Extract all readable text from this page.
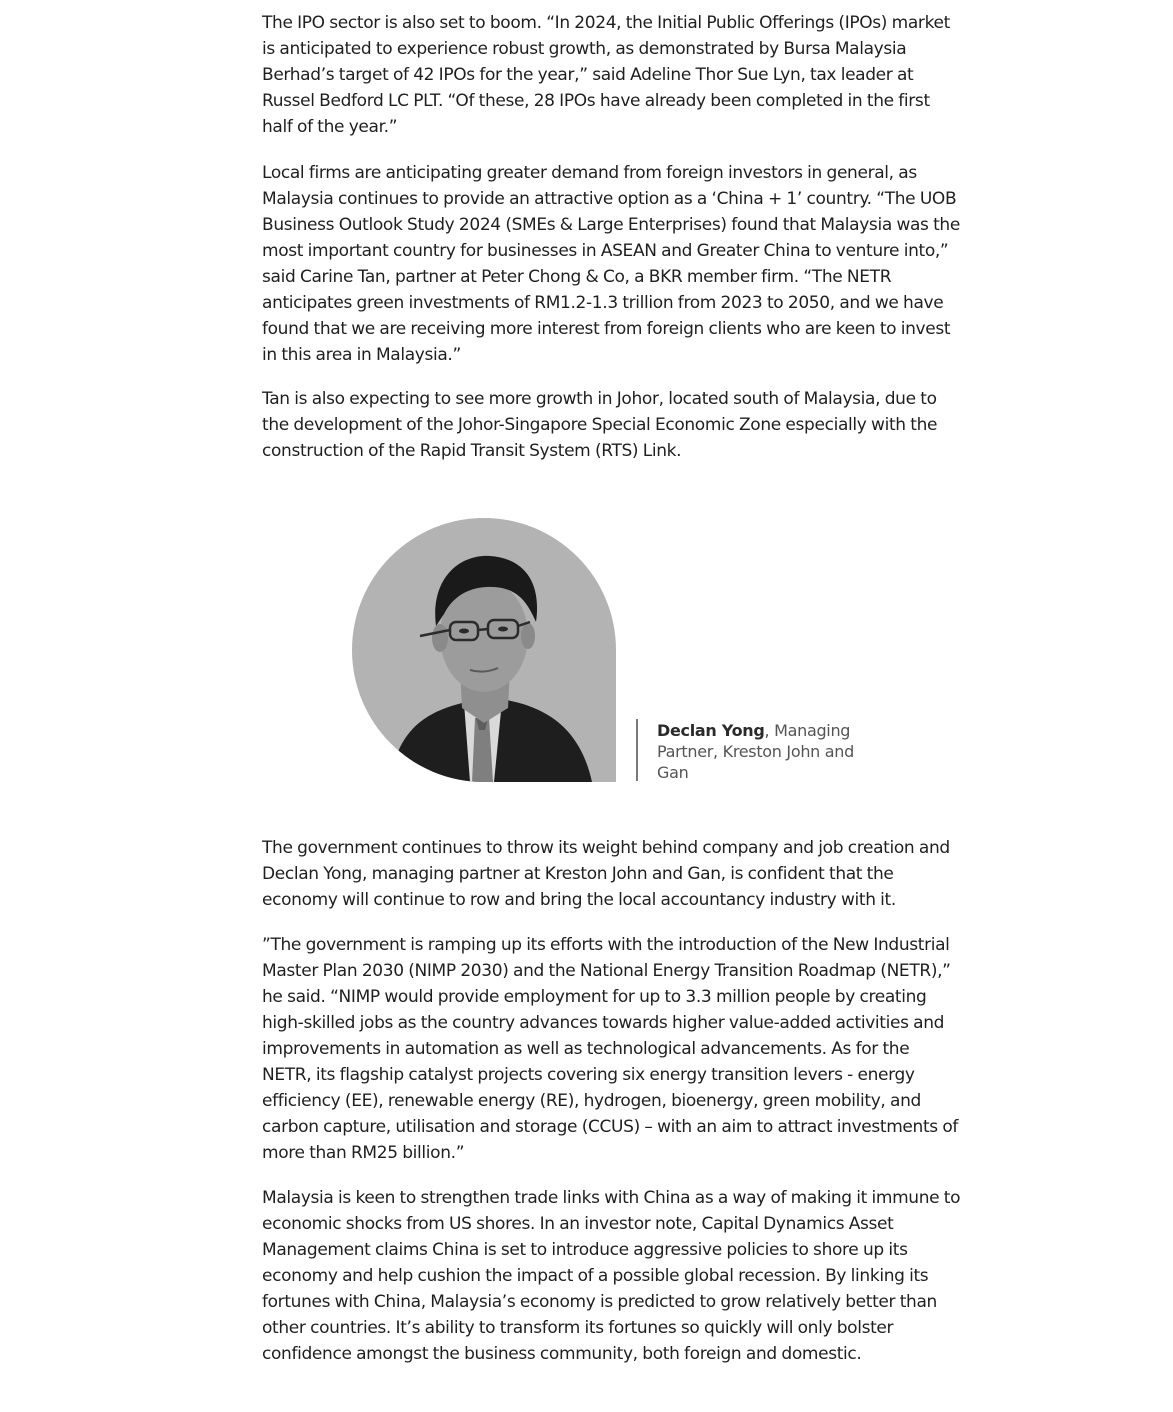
The IPO sector is also set to boom. “In 2024, the Initial Public Offerings (IPOs) market is anticipated to experience robust growth, as demonstrated by Bursa Malaysia Berhad’s target of 42 IPOs for the year,” said Adeline Thor Sue Lyn, tax leader at Russel Bedford LC PLT. “Of these, 28 IPOs have already been completed in the first half of the year.”

Local firms are anticipating greater demand from foreign investors in general, as Malaysia continues to provide an attractive option as a ‘China + 1’ country. “The UOB Business Outlook Study 2024 (SMEs & Large Enterprises) found that Malaysia was the most important country for businesses in ASEAN and Greater China to venture into,” said Carine Tan, partner at Peter Chong & Co, a BKR member firm. “The NETR anticipates green investments of RM1.2-1.3 trillion from 2023 to 2050, and we have found that we are receiving more interest from foreign clients who are keen to invest in this area in Malaysia.”

Tan is also expecting to see more growth in Johor, located south of Malaysia, due to the development of the Johor-Singapore Special Economic Zone especially with the construction of the Rapid Transit System (RTS) Link.

The government continues to throw its weight behind company and job creation and Declan Yong, managing partner at Kreston John and Gan, is confident that the economy will continue to row and bring the local accountancy industry with it.

”The government is ramping up its efforts with the introduction of the New Industrial Master Plan 2030 (NIMP 2030) and the National Energy Transition Roadmap (NETR),” he said. “NIMP would provide employment for up to 3.3 million people by creating high-skilled jobs as the country advances towards higher value-added activities and improvements in automation as well as technological advancements. As for the NETR, its flagship catalyst projects covering six energy transition levers - energy efficiency (EE), renewable energy (RE), hydrogen, bioenergy, green mobility, and carbon capture, utilisation and storage (CCUS) – with an aim to attract investments of more than RM25 billion.”

Malaysia is keen to strengthen trade links with China as a way of making it immune to economic shocks from US shores. In an investor note, Capital Dynamics Asset Management claims China is set to introduce aggressive policies to shore up its economy and help cushion the impact of a possible global recession. By linking its fortunes with China, Malaysia’s economy is predicted to grow relatively better than other countries. It’s ability to transform its fortunes so quickly will only bolster confidence amongst the business community, both foreign and domestic.

Declan Yong, Managing Partner, Kreston John and Gan
